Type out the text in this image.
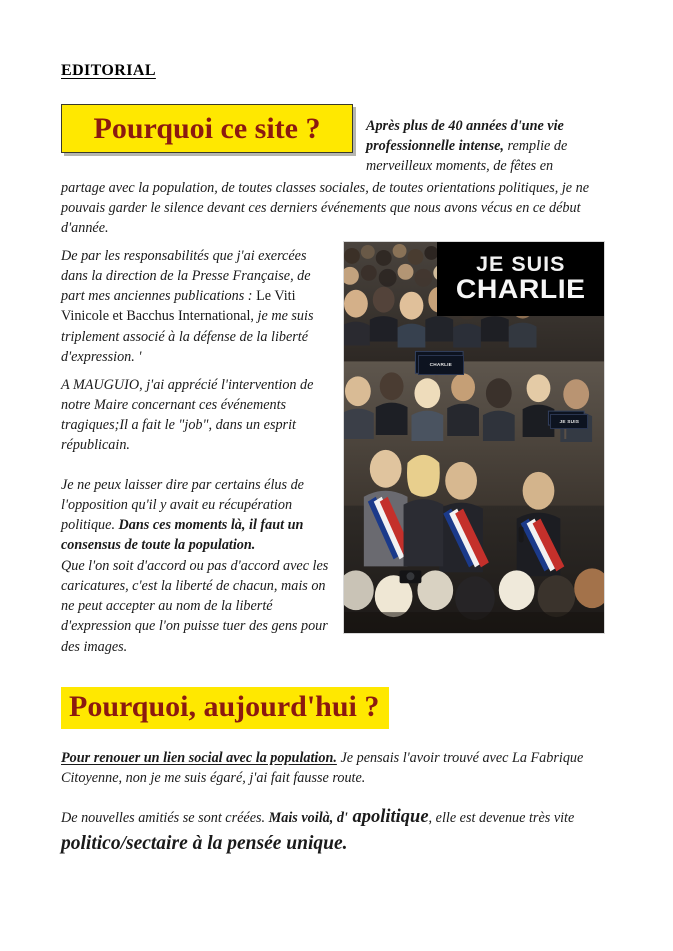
EDITORIAL
Pourquoi ce site ?	Après plus de 40 années d'une vie professionnelle intense, remplie de merveilleux moments, de fêtes en
partage avec la population, de toutes classes sociales, de toutes orientations politiques, je ne pouvais garder le silence devant ces derniers événements que nous avons vécus en ce début d'année.
De par les responsabilités que j'ai exercées dans la direction de la Presse Française, de part mes anciennes publications : Le Viti Vinicole et Bacchus International, je me suis triplement associé à la défense de la liberté d'expression. '
A MAUGUIO, j'ai apprécié l'intervention de notre Maire concernant ces événements tragiques;Il a fait le "job", dans un esprit républicain.
Je ne peux laisser dire par certains élus de l'opposition qu'il y avait eu récupération politique. Dans ces moments là, il faut un consensus de toute la population.
Que l'on soit d'accord ou pas d'accord avec les caricatures, c'est la liberté de chacun, mais on ne peut accepter au nom de la liberté d'expression que l'on puisse tuer des gens pour des images.
JE SUIS
CHARLIE
CHARLIE
JE SUIS
Pourquoi, aujourd'hui ?
Pour renouer un lien social avec la population. Je pensais l'avoir trouvé avec La Fabrique Citoyenne, non je me suis égaré, j'ai fait fausse route.
De nouvelles amitiés se sont créées. Mais voilà, d' apolitique, elle est devenue très vite politico/sectaire à la pensée unique.
